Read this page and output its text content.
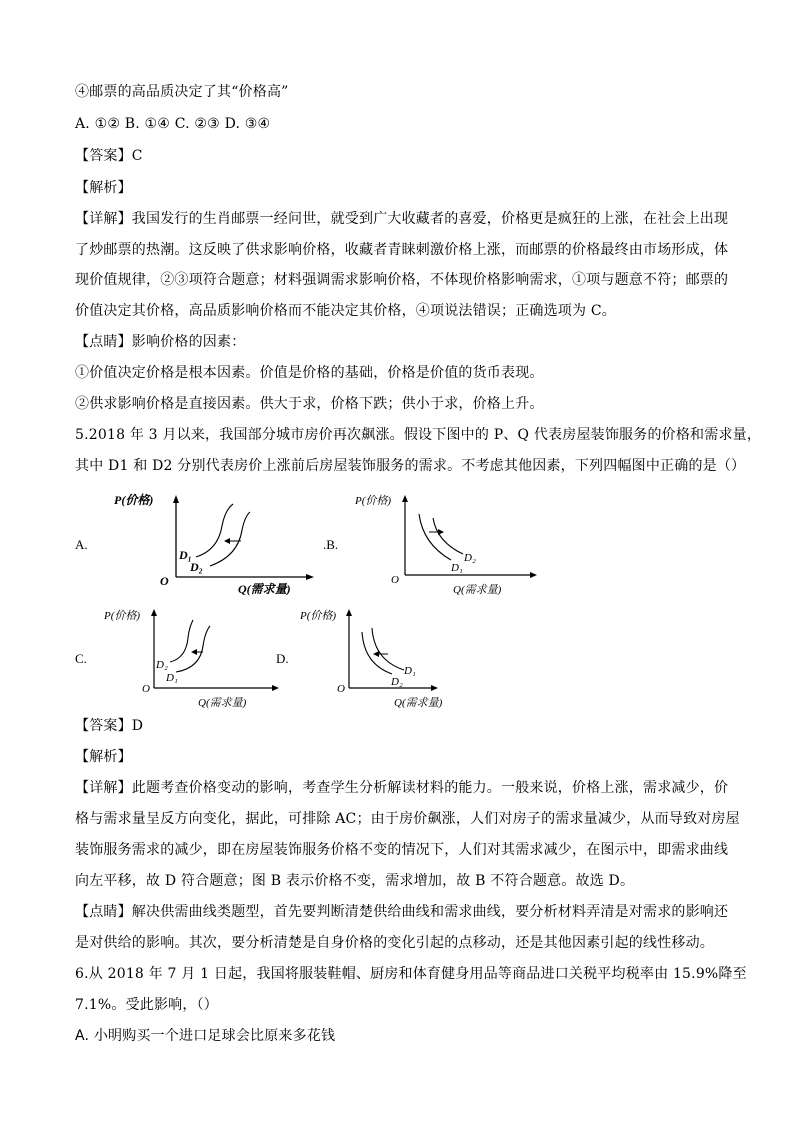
④邮票的高品质决定了其“价格高”
A. ①② B. ①④ C. ②③ D. ③④
【答案】C
【解析】
【详解】我国发行的生肖邮票一经问世，就受到广大收藏者的喜爱，价格更是疯狂的上涨，在社会上出现
了炒邮票的热潮。这反映了供求影响价格，收藏者青睐刺激价格上涨，而邮票的价格最终由市场形成，体
现价值规律，②③项符合题意；材料强调需求影响价格，不体现价格影响需求，①项与题意不符；邮票的
价值决定其价格，高品质影响价格而不能决定其价格，④项说法错误；正确选项为 C。
【点睛】影响价格的因素：
①价值决定价格是根本因素。价值是价格的基础，价格是价值的货币表现。
②供求影响价格是直接因素。供大于求，价格下跌；供小于求，价格上升。
5.2018 年 3 月以来，我国部分城市房价再次飙涨。假设下图中的 P、Q 代表房屋装饰服务的价格和需求量，
其中 D1 和 D2 分别代表房价上涨前后房屋装饰服务的需求。不考虑其他因素，下列四幅图中正确的是（）
A.
P(价格)
O
Q(需求量)
D₁
D₂
.B.
P(价格)
O
Q(需求量)
D₂
D₁
C.
P(价格)
O
Q(需求量)
D₂
D₁
D.
P(价格)
O
Q(需求量)
D₁
D₂
【答案】D
【解析】
【详解】此题考查价格变动的影响，考查学生分析解读材料的能力。一般来说，价格上涨，需求减少，价
格与需求量呈反方向变化，据此，可排除 AC；由于房价飙涨，人们对房子的需求量减少，从而导致对房屋
装饰服务需求的减少，即在房屋装饰服务价格不变的情况下，人们对其需求减少，在图示中，即需求曲线
向左平移，故 D 符合题意；图 B 表示价格不变，需求增加，故 B 不符合题意。故选 D。
【点睛】解决供需曲线类题型，首先要判断清楚供给曲线和需求曲线，要分析材料弄清是对需求的影响还
是对供给的影响。其次，要分析清楚是自身价格的变化引起的点移动，还是其他因素引起的线性移动。
6.从 2018 年 7 月 1 日起，我国将服装鞋帽、厨房和体育健身用品等商品进口关税平均税率由 15.9%降至
7.1%。受此影响，（）
A. 小明购买一个进口足球会比原来多花钱
